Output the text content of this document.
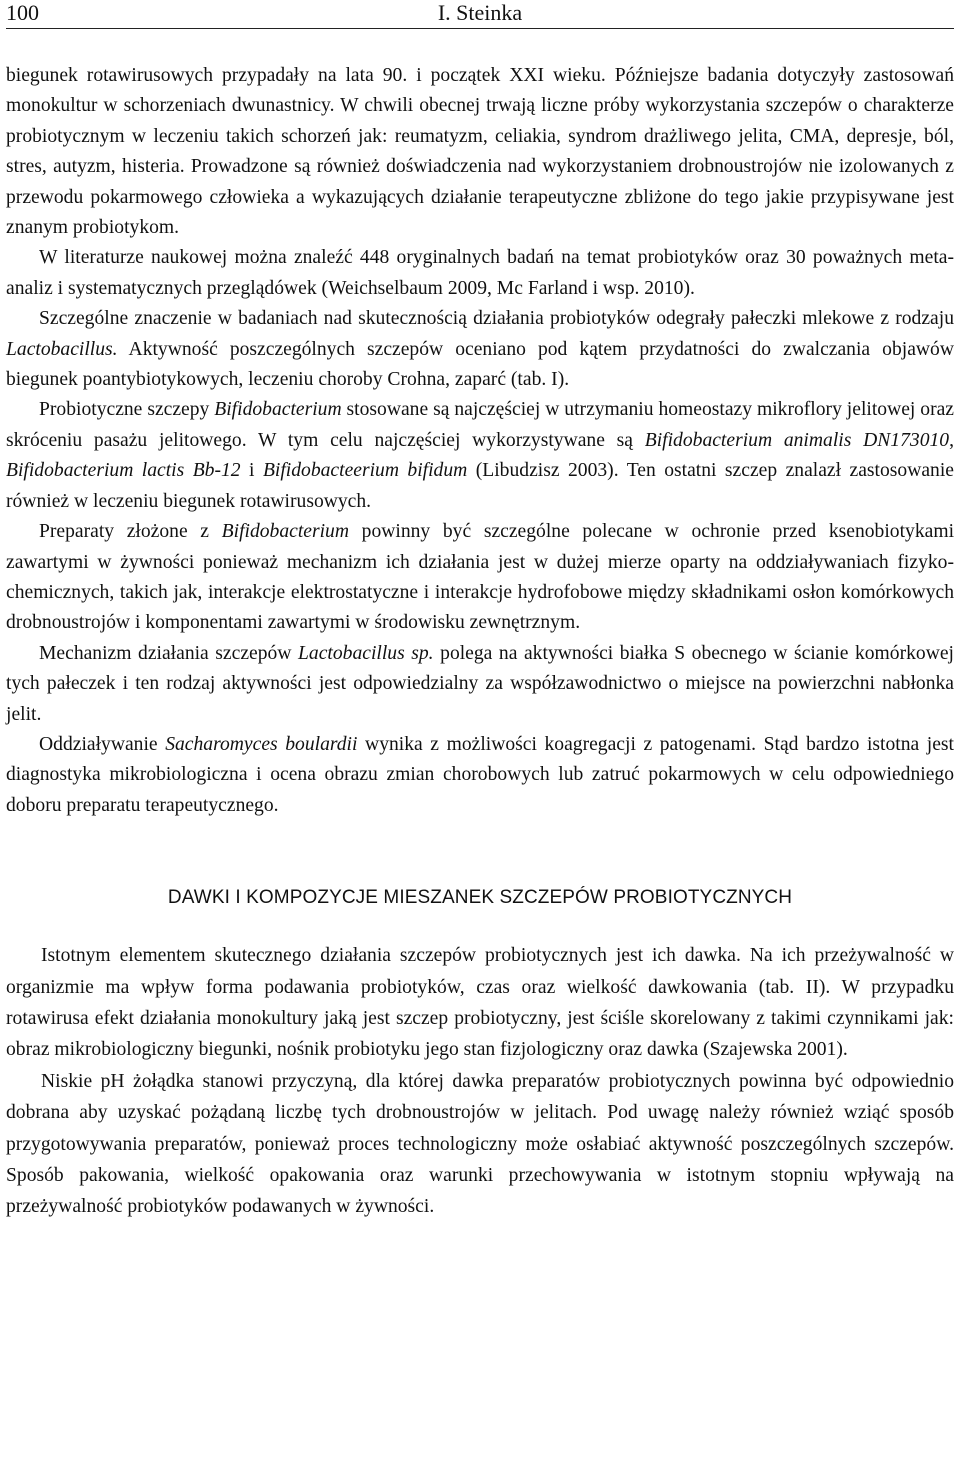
100	I. Steinka

biegunek rotawirusowych przypadały na lata 90. i początek XXI wieku. Późniejsze badania dotyczyły zastosowań monokultur w schorzeniach dwunastnicy. W chwili obecnej trwają liczne próby wykorzystania szczepów o charakterze probiotycznym w leczeniu takich schorzeń jak: reumatyzm, celiakia, syndrom drażliwego jelita, CMA, depresje, ból, stres, autyzm, histeria. Prowadzone są również doświadczenia nad wykorzystaniem drobnoustrojów nie izolowanych z przewodu pokarmowego człowieka a wykazujących działanie terapeutyczne zbliżone do tego jakie przypisywane jest znanym probiotykom.

W literaturze naukowej można znaleźć 448 oryginalnych badań na temat probiotyków oraz 30 poważnych meta-analiz i systematycznych przeglądówek (Weichselbaum 2009, Mc Farland i wsp. 2010).

Szczególne znaczenie w badaniach nad skutecznością działania probiotyków odegrały pałeczki mlekowe z rodzaju Lactobacillus. Aktywność poszczególnych szczepów oceniano pod kątem przydatności do zwalczania objawów biegunek poantybiotykowych, leczeniu choroby Crohna, zaparć (tab. I).

Probiotyczne szczepy Bifidobacterium stosowane są najczęściej w utrzymaniu homeostazy mikroflory jelitowej oraz skróceniu pasażu jelitowego. W tym celu najczęściej wykorzystywane są Bifidobacterium animalis DN173010, Bifidobacterium lactis Bb-12 i Bifidobacteerium bifidum (Libudzisz 2003). Ten ostatni szczep znalazł zastosowanie również w leczeniu biegunek rotawirusowych.

Preparaty złożone z Bifidobacterium powinny być szczególne polecane w ochronie przed ksenobiotykami zawartymi w żywności ponieważ mechanizm ich działania jest w dużej mierze oparty na oddziaływaniach fizyko-chemicznych, takich jak, interakcje elektrostatyczne i interakcje hydrofobowe między składnikami osłon komórkowych drobnoustrojów i komponentami zawartymi w środowisku zewnętrznym.

Mechanizm działania szczepów Lactobacillus sp. polega na aktywności białka S obecnego w ścianie komórkowej tych pałeczek i ten rodzaj aktywności jest odpowiedzialny za współzawodnictwo o miejsce na powierzchni nabłonka jelit.

Oddziaływanie Sacharomyces boulardii wynika z możliwości koagregacji z patogenami. Stąd bardzo istotna jest diagnostyka mikrobiologiczna i ocena obrazu zmian chorobowych lub zatruć pokarmowych w celu odpowiedniego doboru preparatu terapeutycznego.

DAWKI I KOMPOZYCJE MIESZANEK SZCZEPÓW PROBIOTYCZNYCH

Istotnym elementem skutecznego działania szczepów probiotycznych jest ich dawka. Na ich przeżywalność w organizmie ma wpływ forma podawania probiotyków, czas oraz wielkość dawkowania (tab. II). W przypadku rotawirusa efekt działania monokultury jaką jest szczep probiotyczny, jest ściśle skorelowany z takimi czynnikami jak: obraz mikrobiologiczny biegunki, nośnik probiotyku jego stan fizjologiczny oraz dawka (Szajewska 2001).

Niskie pH żołądka stanowi przyczyną, dla której dawka preparatów probiotycznych powinna być odpowiednio dobrana aby uzyskać pożądaną liczbę tych drobnoustrojów w jelitach. Pod uwagę należy również wziąć sposób przygotowywania preparatów, ponieważ proces technologiczny może osłabiać aktywność poszczególnych szczepów. Sposób pakowania, wielkość opakowania oraz warunki przechowywania w istotnym stopniu wpływają na przeżywalność probiotyków podawanych w żywności.
